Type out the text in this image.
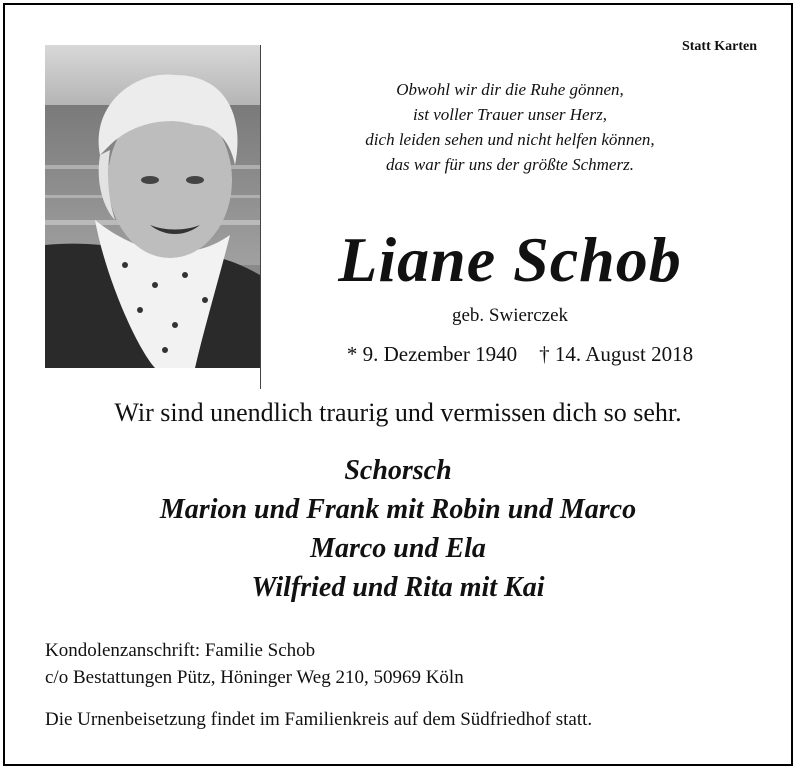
Statt Karten
Obwohl wir dir die Ruhe gönnen,
ist voller Trauer unser Herz,
dich leiden sehen und nicht helfen können,
das war für uns der größte Schmerz.
Liane Schob
geb. Swierczek
* 9. Dezember 1940 † 14. August 2018
Wir sind unendlich traurig und vermissen dich so sehr.
Schorsch
Marion und Frank mit Robin und Marco
Marco und Ela
Wilfried und Rita mit Kai
Kondolenzanschrift: Familie Schob
c/o Bestattungen Pütz, Höninger Weg 210, 50969 Köln
Die Urnenbeisetzung findet im Familienkreis auf dem Südfriedhof statt.
